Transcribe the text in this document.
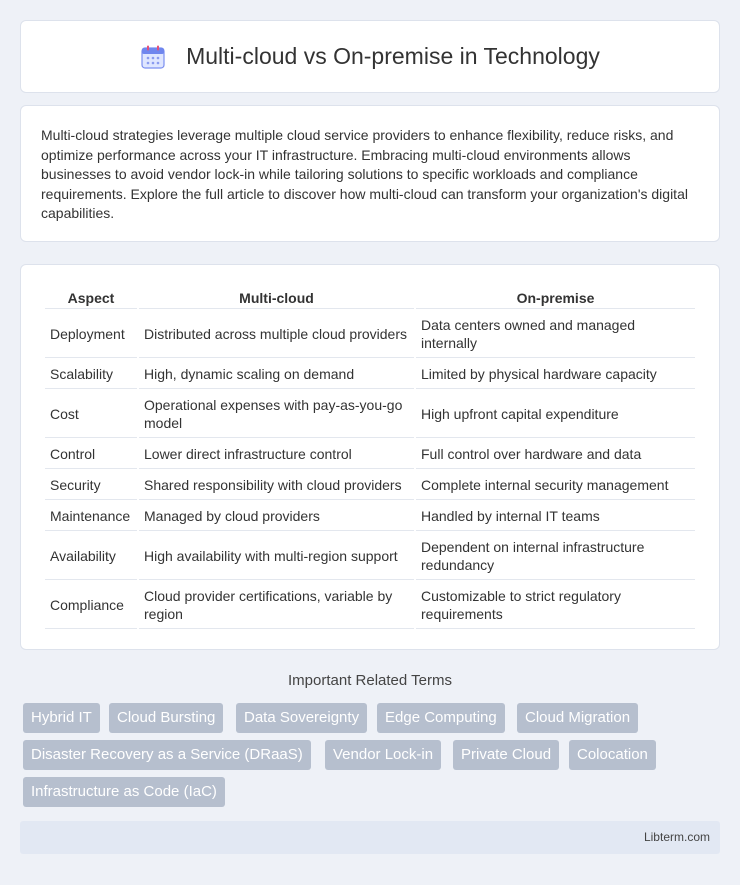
Multi-cloud vs On-premise in Technology

Multi-cloud strategies leverage multiple cloud service providers to enhance flexibility, reduce risks, and optimize performance across your IT infrastructure. Embracing multi-cloud environments allows businesses to avoid vendor lock-in while tailoring solutions to specific workloads and compliance requirements. Explore the full article to discover how multi-cloud can transform your organization's digital capabilities.

Aspect	Multi-cloud	On-premise
Deployment	Distributed across multiple cloud providers	Data centers owned and managed internally
Scalability	High, dynamic scaling on demand	Limited by physical hardware capacity
Cost	Operational expenses with pay-as-you-go model	High upfront capital expenditure
Control	Lower direct infrastructure control	Full control over hardware and data
Security	Shared responsibility with cloud providers	Complete internal security management
Maintenance	Managed by cloud providers	Handled by internal IT teams
Availability	High availability with multi-region support	Dependent on internal infrastructure redundancy
Compliance	Cloud provider certifications, variable by region	Customizable to strict regulatory requirements
Important Related Terms
Hybrid IT	Cloud Bursting	Data Sovereignty	Edge Computing	Cloud Migration
Disaster Recovery as a Service (DRaaS)	Vendor Lock-in	Private Cloud	Colocation
Infrastructure as Code (IaC)
Libterm.com
